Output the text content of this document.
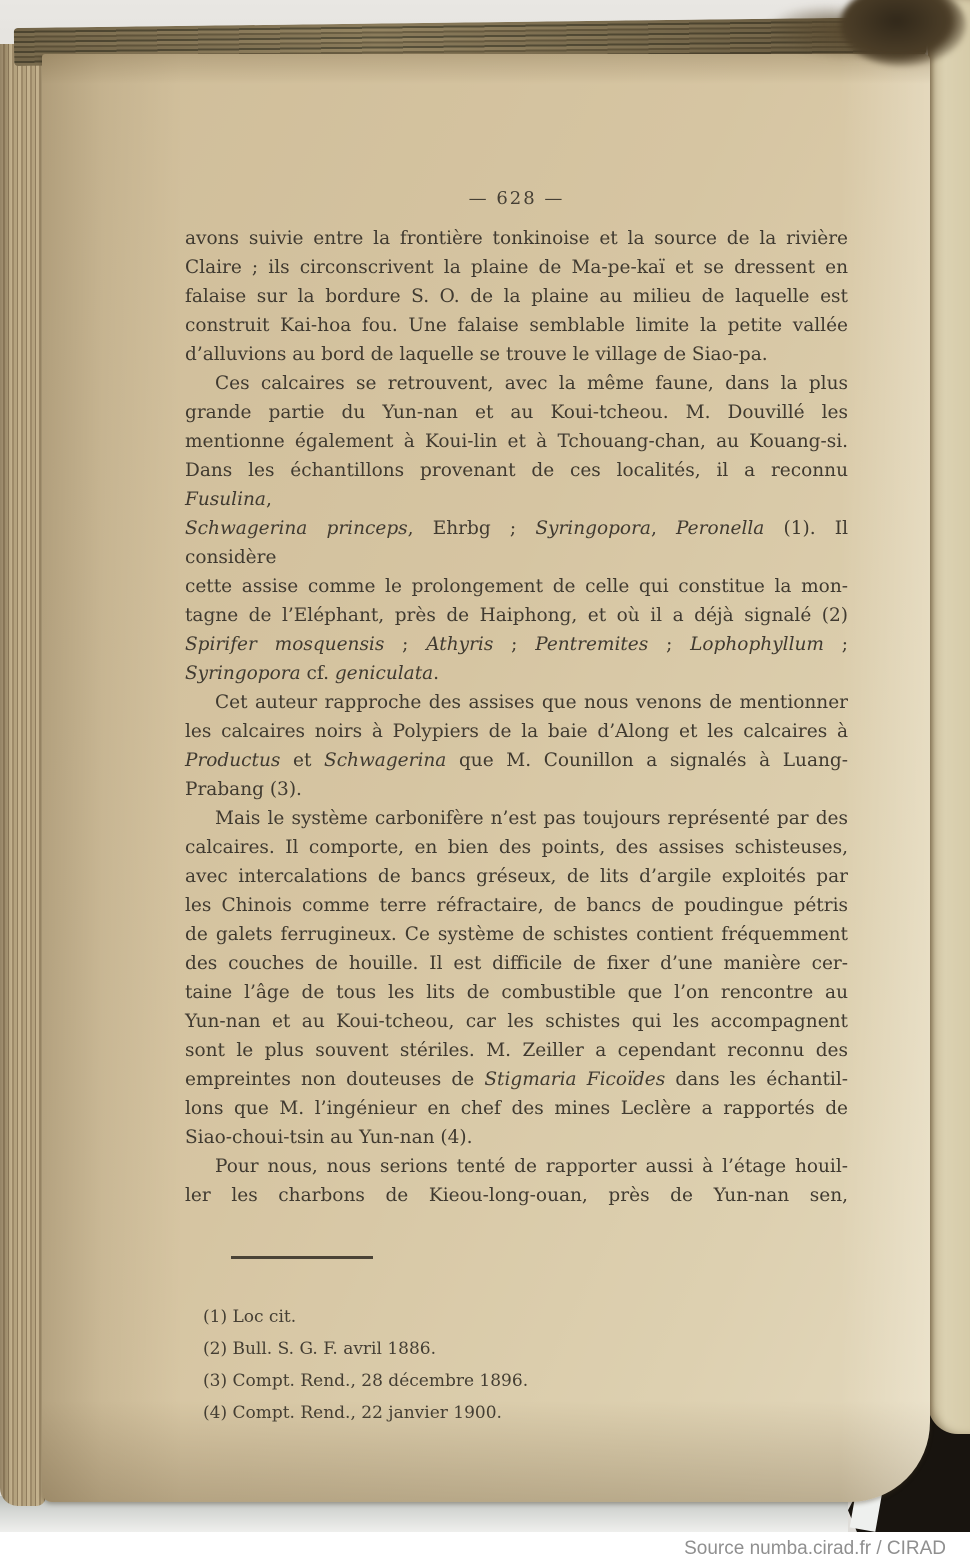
— 628 —
avons suivie entre la frontière tonkinoise et la source de la rivière
Claire ; ils circonscrivent la plaine de Ma-pe-kaï et se dressent en
falaise sur la bordure S. O. de la plaine au milieu de laquelle est
construit Kai-hoa fou. Une falaise semblable limite la petite vallée
d’alluvions au bord de laquelle se trouve le village de Siao-pa.
Ces calcaires se retrouvent, avec la même faune, dans la plus
grande partie du Yun-nan et au Koui-tcheou. M. Douvillé les
mentionne également à Koui-lin et à Tchouang-chan, au Kouang-si.
Dans les échantillons provenant de ces localités, il a reconnu Fusulina,
Schwagerina princeps, Ehrbg ; Syringopora, Peronella (1). Il considère
cette assise comme le prolongement de celle qui constitue la mon-
tagne de l’Eléphant, près de Haiphong, et où il a déjà signalé (2)
Spirifer mosquensis ; Athyris ; Pentremites ; Lophophyllum ;
Syringopora cf. geniculata.
Cet auteur rapproche des assises que nous venons de mentionner
les calcaires noirs à Polypiers de la baie d’Along et les calcaires à
Productus et Schwagerina que M. Counillon a signalés à Luang-
Prabang (3).
Mais le système carbonifère n’est pas toujours représenté par des
calcaires. Il comporte, en bien des points, des assises schisteuses,
avec intercalations de bancs gréseux, de lits d’argile exploités par
les Chinois comme terre réfractaire, de bancs de poudingue pétris
de galets ferrugineux. Ce système de schistes contient fréquemment
des couches de houille. Il est difficile de fixer d’une manière cer-
taine l’âge de tous les lits de combustible que l’on rencontre au
Yun-nan et au Koui-tcheou, car les schistes qui les accompagnent
sont le plus souvent stériles. M. Zeiller a cependant reconnu des
empreintes non douteuses de Stigmaria Ficoïdes dans les échantil-
lons que M. l’ingénieur en chef des mines Leclère a rapportés de
Siao-choui-tsin au Yun-nan (4).
Pour nous, nous serions tenté de rapporter aussi à l’étage houil-
ler les charbons de Kieou-long-ouan, près de Yun-nan sen,
(1) Loc cit.
(2) Bull. S. G. F. avril 1886.
(3) Compt. Rend., 28 décembre 1896.
(4) Compt. Rend., 22 janvier 1900.
Source numba.cirad.fr / CIRAD
